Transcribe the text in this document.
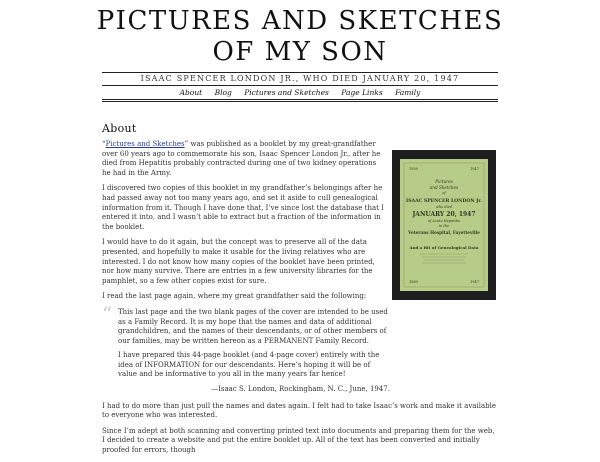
PICTURES AND SKETCHES
OF MY SON
ISAAC SPENCER LONDON JR., WHO DIED JANUARY 20, 1947
About Blog Pictures and Sketches Page Links Family
About

“Pictures and Sketches” was published as a booklet by my great-grandfather over 60 years ago to commemorate his son, Isaac Spencer London Jr., after he died from Hepatitis probably contracted during one of two kidney operations he had in the Army.

I discovered two copies of this booklet in my grandfather’s belongings after he had passed away not too many years ago, and set it aside to cull genealogical information from it. Though I have done that, I’ve since lost the database that I entered it into, and I wasn’t able to extract but a fraction of the information in the booklet.

I would have to do it again, but the concept was to preserve all of the data presented, and hopefully to make it usable for the living relatives who are interested. I do not know how many copies of the booklet have been printed, nor how many survive. There are entries in a few university libraries for the pamphlet, so a few other copies exist for sure.

I read the last page again, where my great grandfather said the following:

“ This last page and the two blank pages of the cover are intended to be used as a Family Record. It is my hope that the names and data of additional grandchildren, and the names of their descendants, or of other members of our families, may be written hereon as a PERMANENT Family Record.

I have prepared this 44-page booklet (and 4-page cover) entirely with the idea of INFORMATION for our descendants. Here’s hoping it will be of value and be informative to you all in the many years far hence!

—Isaac S. London, Rockingham, N. C., June, 1947.

I had to do more than just pull the names and dates again. I felt had to take Isaac’s work and make it available to everyone who was interested.

Since I’m adept at both scanning and converting printed text into documents and preparing them for the web, I decided to create a website and put the entire booklet up. All of the text has been converted and initially proofed for errors, though

1939	1947
Pictures
and Sketches
of
ISAAC SPENCER LONDON Jr.
who died
JANUARY 20, 1947
of Acute Hepatitis
in the
Veterans Hospital, Fayetteville
And a Bit of Genealogical Data
1889	1947
